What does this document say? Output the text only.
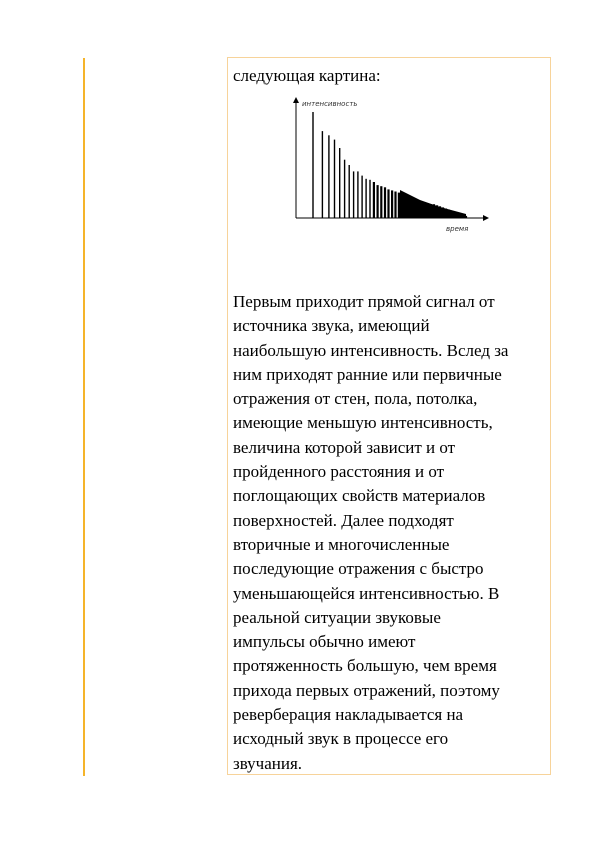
следующая картина:

интенсивность
время

Первым приходит прямой сигнал от
источника звука, имеющий
наибольшую интенсивность. Вслед за
ним приходят ранние или первичные
отражения от стен, пола, потолка,
имеющие меньшую интенсивность,
величина которой зависит и от
пройденного расстояния и от
поглощающих свойств материалов
поверхностей. Далее подходят
вторичные и многочисленные
последующие отражения с быстро
уменьшающейся интенсивностью. В
реальной ситуации звуковые
импульсы обычно имеют
протяженность большую, чем время
прихода первых отражений, поэтому
реверберация накладывается на
исходный звук в процессе его
звучания.
